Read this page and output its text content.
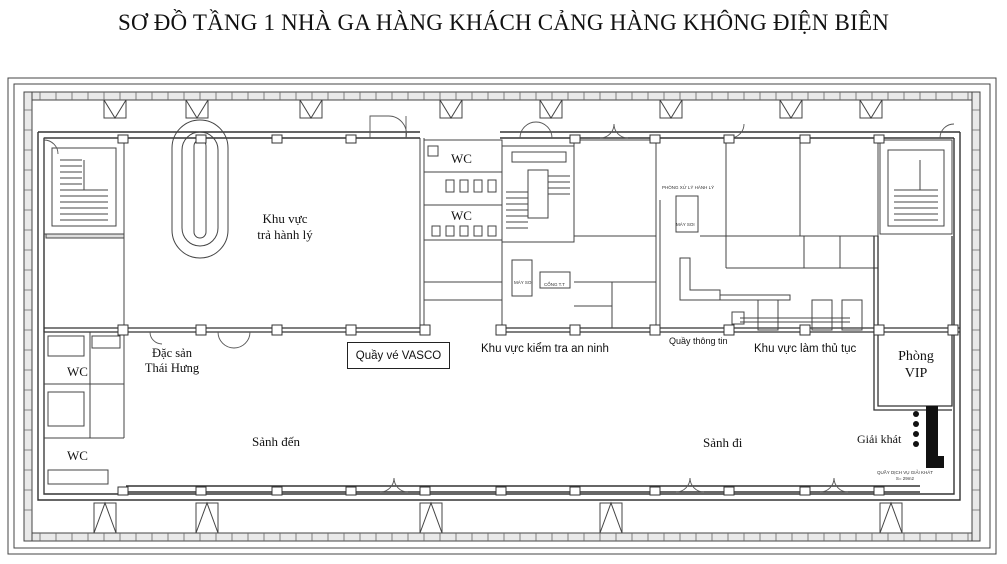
SƠ ĐỒ TẦNG 1 NHÀ GA HÀNG KHÁCH CẢNG HÀNG KHÔNG ĐIỆN BIÊN
WC
WC
WC
WC
Khu vực
trả hành lý
Đặc sản
Thái Hưng
Quầy vé VASCO
Khu vực kiểm tra an ninh
Quầy thông tin
Khu vực làm thủ tục	Phòng
VIP
Sảnh đến	Sảnh đi	Giải khát
QUẦY DỊCH VỤ GIẢI KHÁT
S= 29m2
PHÒNG XỬ LÝ HÀNH LÝ
MÁY SOI
MÁY SOI	CỔNG T.T
